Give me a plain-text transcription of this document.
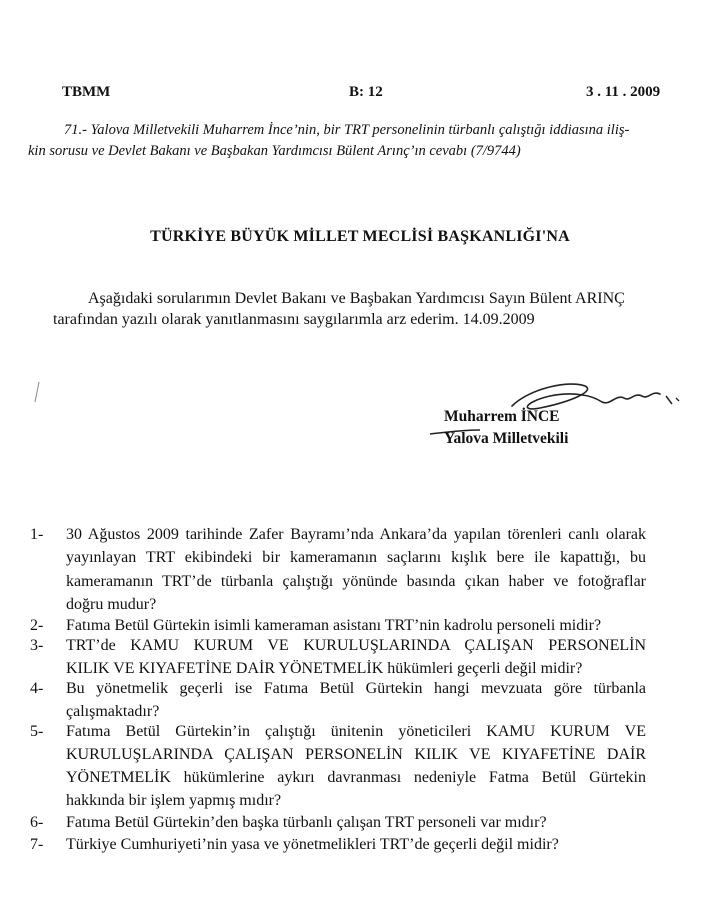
TBMM	B: 12	3 . 11 . 2009
71.- Yalova Milletvekili Muharrem İnce’nin, bir TRT personelinin türbanlı çalıştığı iddiasına iliş-
kin sorusu ve Devlet Bakanı ve Başbakan Yardımcısı Bülent Arınç’ın cevabı (7/9744)
TÜRKİYE BÜYÜK MİLLET MECLİSİ BAŞKANLIĞI'NA
Aşağıdaki sorularımın Devlet Bakanı ve Başbakan Yardımcısı Sayın Bülent ARINÇ
tarafından yazılı olarak yanıtlanmasını saygılarımla arz ederim. 14.09.2009
Muharrem İNCE
Yalova Milletvekili
1- 30 Ağustos 2009 tarihinde Zafer Bayramı’nda Ankara’da yapılan törenleri canlı olarak
yayınlayan TRT ekibindeki bir kameramanın saçlarını kışlık bere ile kapattığı, bu
kameramanın TRT’de türbanla çalıştığı yönünde basında çıkan haber ve fotoğraflar
doğru mudur?
2- Fatıma Betül Gürtekin isimli kameraman asistanı TRT’nin kadrolu personeli midir?
3- TRT’de KAMU KURUM VE KURULUŞLARINDA ÇALIŞAN PERSONELİN
KILIK VE KIYAFETİNE DAİR YÖNETMELİK hükümleri geçerli değil midir?
4- Bu yönetmelik geçerli ise Fatıma Betül Gürtekin hangi mevzuata göre türbanla
çalışmaktadır?
5- Fatıma Betül Gürtekin’in çalıştığı ünitenin yöneticileri KAMU KURUM VE
KURULUŞLARINDA ÇALIŞAN PERSONELİN KILIK VE KIYAFETİNE DAİR
YÖNETMELİK hükümlerine aykırı davranması nedeniyle Fatma Betül Gürtekin
hakkında bir işlem yapmış mıdır?
6- Fatıma Betül Gürtekin’den başka türbanlı çalışan TRT personeli var mıdır?
7- Türkiye Cumhuriyeti’nin yasa ve yönetmelikleri TRT’de geçerli değil midir?
